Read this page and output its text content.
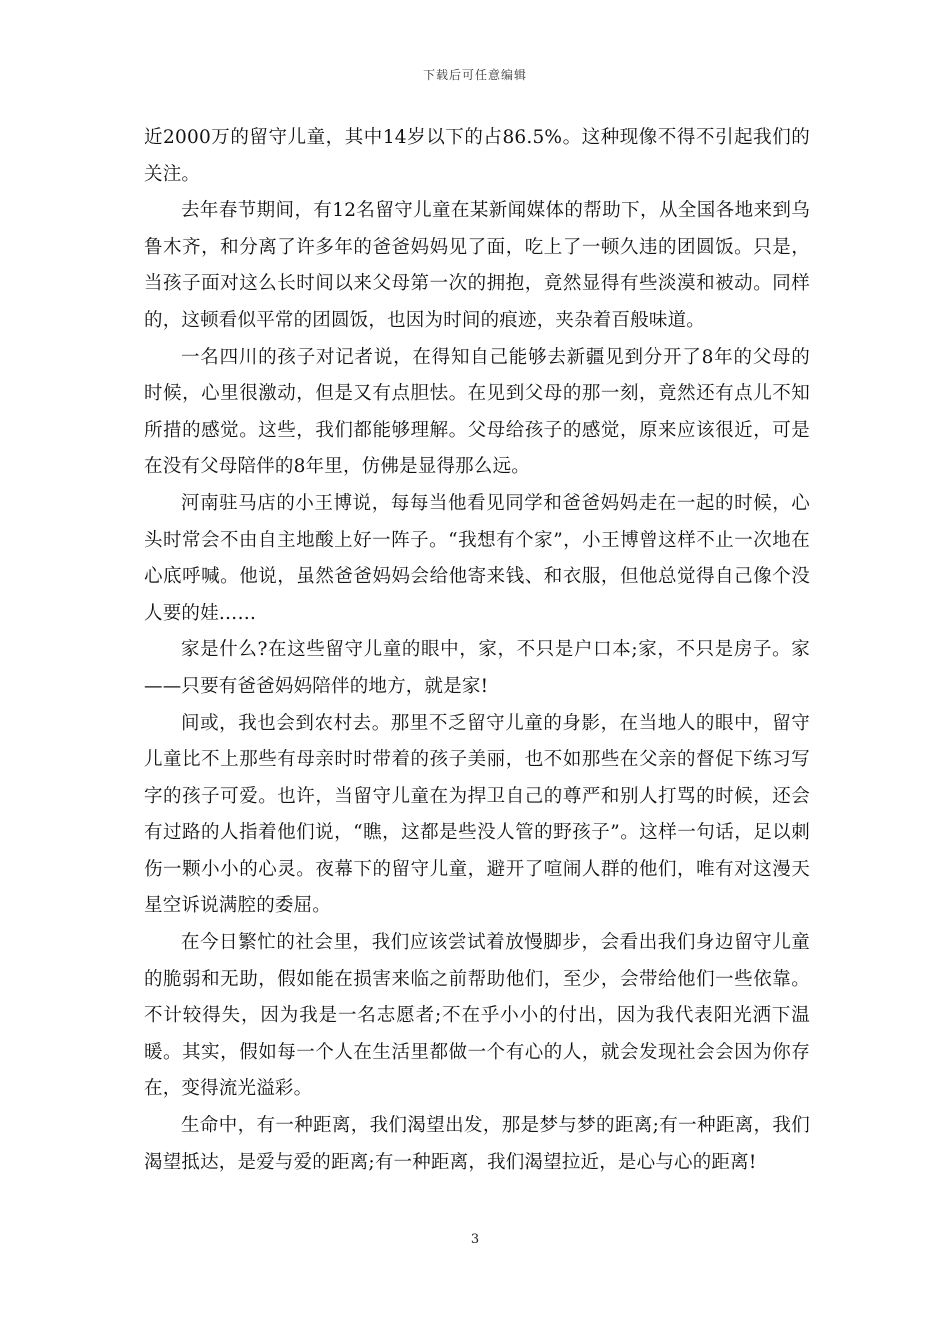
下载后可任意编辑

近2000万的留守儿童，其中14岁以下的占86.5%。这种现像不得不引起我们的关注。

去年春节期间，有12名留守儿童在某新闻媒体的帮助下，从全国各地来到乌鲁木齐，和分离了许多年的爸爸妈妈见了面，吃上了一顿久违的团圆饭。只是，当孩子面对这么长时间以来父母第一次的拥抱，竟然显得有些淡漠和被动。同样的，这顿看似平常的团圆饭，也因为时间的痕迹，夹杂着百般味道。

一名四川的孩子对记者说，在得知自己能够去新疆见到分开了8年的父母的时候，心里很激动，但是又有点胆怯。在见到父母的那一刻，竟然还有点儿不知所措的感觉。这些，我们都能够理解。父母给孩子的感觉，原来应该很近，可是在没有父母陪伴的8年里，仿佛是显得那么远。

河南驻马店的小王博说，每每当他看见同学和爸爸妈妈走在一起的时候，心头时常会不由自主地酸上好一阵子。“我想有个家”，小王博曾这样不止一次地在心底呼喊。他说，虽然爸爸妈妈会给他寄来钱、和衣服，但他总觉得自己像个没人要的娃……

家是什么?在这些留守儿童的眼中，家，不只是户口本;家，不只是房子。家——只要有爸爸妈妈陪伴的地方，就是家!

间或，我也会到农村去。那里不乏留守儿童的身影，在当地人的眼中，留守儿童比不上那些有母亲时时带着的孩子美丽，也不如那些在父亲的督促下练习写字的孩子可爱。也许，当留守儿童在为捍卫自己的尊严和别人打骂的时候，还会有过路的人指着他们说，“瞧，这都是些没人管的野孩子”。这样一句话，足以刺伤一颗小小的心灵。夜幕下的留守儿童，避开了喧闹人群的他们，唯有对这漫天星空诉说满腔的委屈。

在今日繁忙的社会里，我们应该尝试着放慢脚步，会看出我们身边留守儿童的脆弱和无助，假如能在损害来临之前帮助他们，至少，会带给他们一些依靠。不计较得失，因为我是一名志愿者;不在乎小小的付出，因为我代表阳光洒下温暖。其实，假如每一个人在生活里都做一个有心的人，就会发现社会会因为你存在，变得流光溢彩。

生命中，有一种距离，我们渴望出发，那是梦与梦的距离;有一种距离，我们渴望抵达，是爱与爱的距离;有一种距离，我们渴望拉近，是心与心的距离!

3
